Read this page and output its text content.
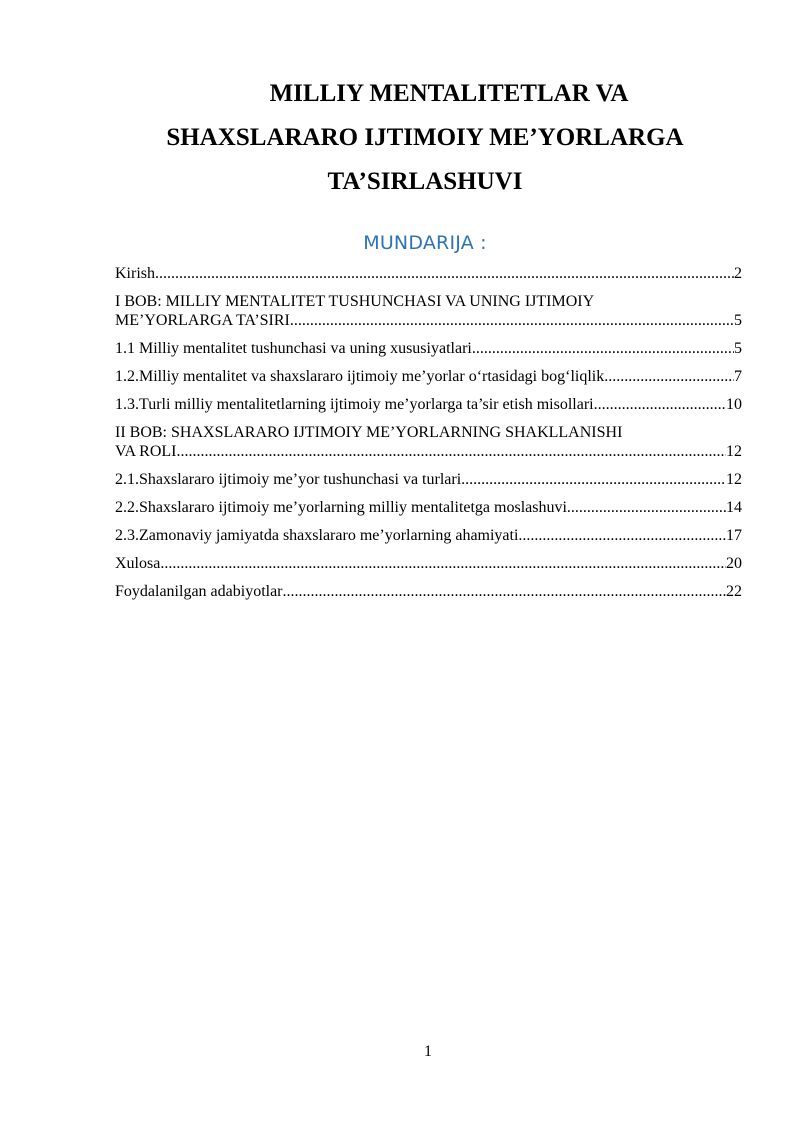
MILLIY MENTALITETLAR VA
SHAXSLARARO IJTIMOIY ME’YORLARGA
TA’SIRLASHUVI
MUNDARIJA :
Kirish .....	2
I BOB: MILLIY MENTALITET TUSHUNCHASI VA UNING IJTIMOIY
ME’YORLARGA TA’SIRI .....	5
1.1 Milliy mentalitet tushunchasi va uning xususiyatlari .....	5
1.2.Milliy mentalitet va shaxslararo ijtimoiy me’yorlar o‘rtasidagi bog‘liqlik .....	7
1.3.Turli milliy mentalitetlarning ijtimoiy me’yorlarga ta’sir etish misollari .....	10
II BOB: SHAXSLARARO IJTIMOIY ME’YORLARNING SHAKLLANISHI
VA ROLI .....	12
2.1.Shaxslararo ijtimoiy me’yor tushunchasi va turlari .....	12
2.2.Shaxslararo ijtimoiy me’yorlarning milliy mentalitetga moslashuvi .....	14
2.3.Zamonaviy jamiyatda shaxslararo me’yorlarning ahamiyati .....	17
Xulosa .....	20
Foydalanilgan adabiyotlar .....	22
1
